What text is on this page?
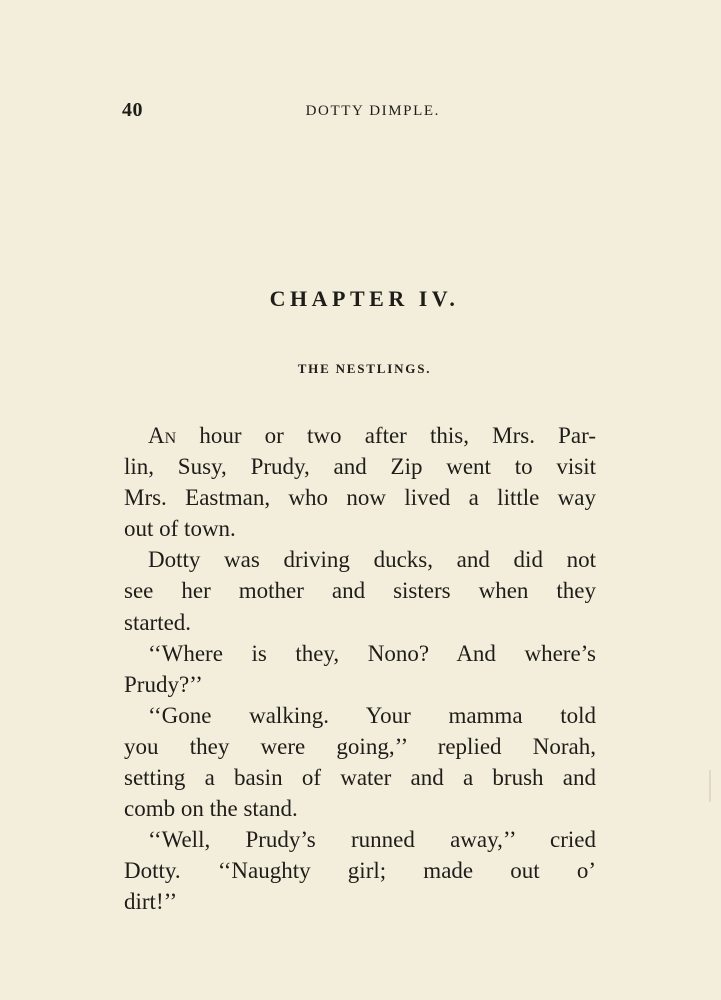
40	DOTTY DIMPLE.
CHAPTER IV.
THE NESTLINGS.
An hour or two after this, Mrs. Par-
lin, Susy, Prudy, and Zip went to visit
Mrs. Eastman, who now lived a little way
out of town.
Dotty was driving ducks, and did not
see her mother and sisters when they
started.
‘‘Where is they, Nono? And where’s
Prudy?’’
‘‘Gone walking. Your mamma told
you they were going,’’ replied Norah,
setting a basin of water and a brush and
comb on the stand.
‘‘Well, Prudy’s runned away,’’ cried
Dotty. ‘‘Naughty girl; made out o’
dirt!’’
